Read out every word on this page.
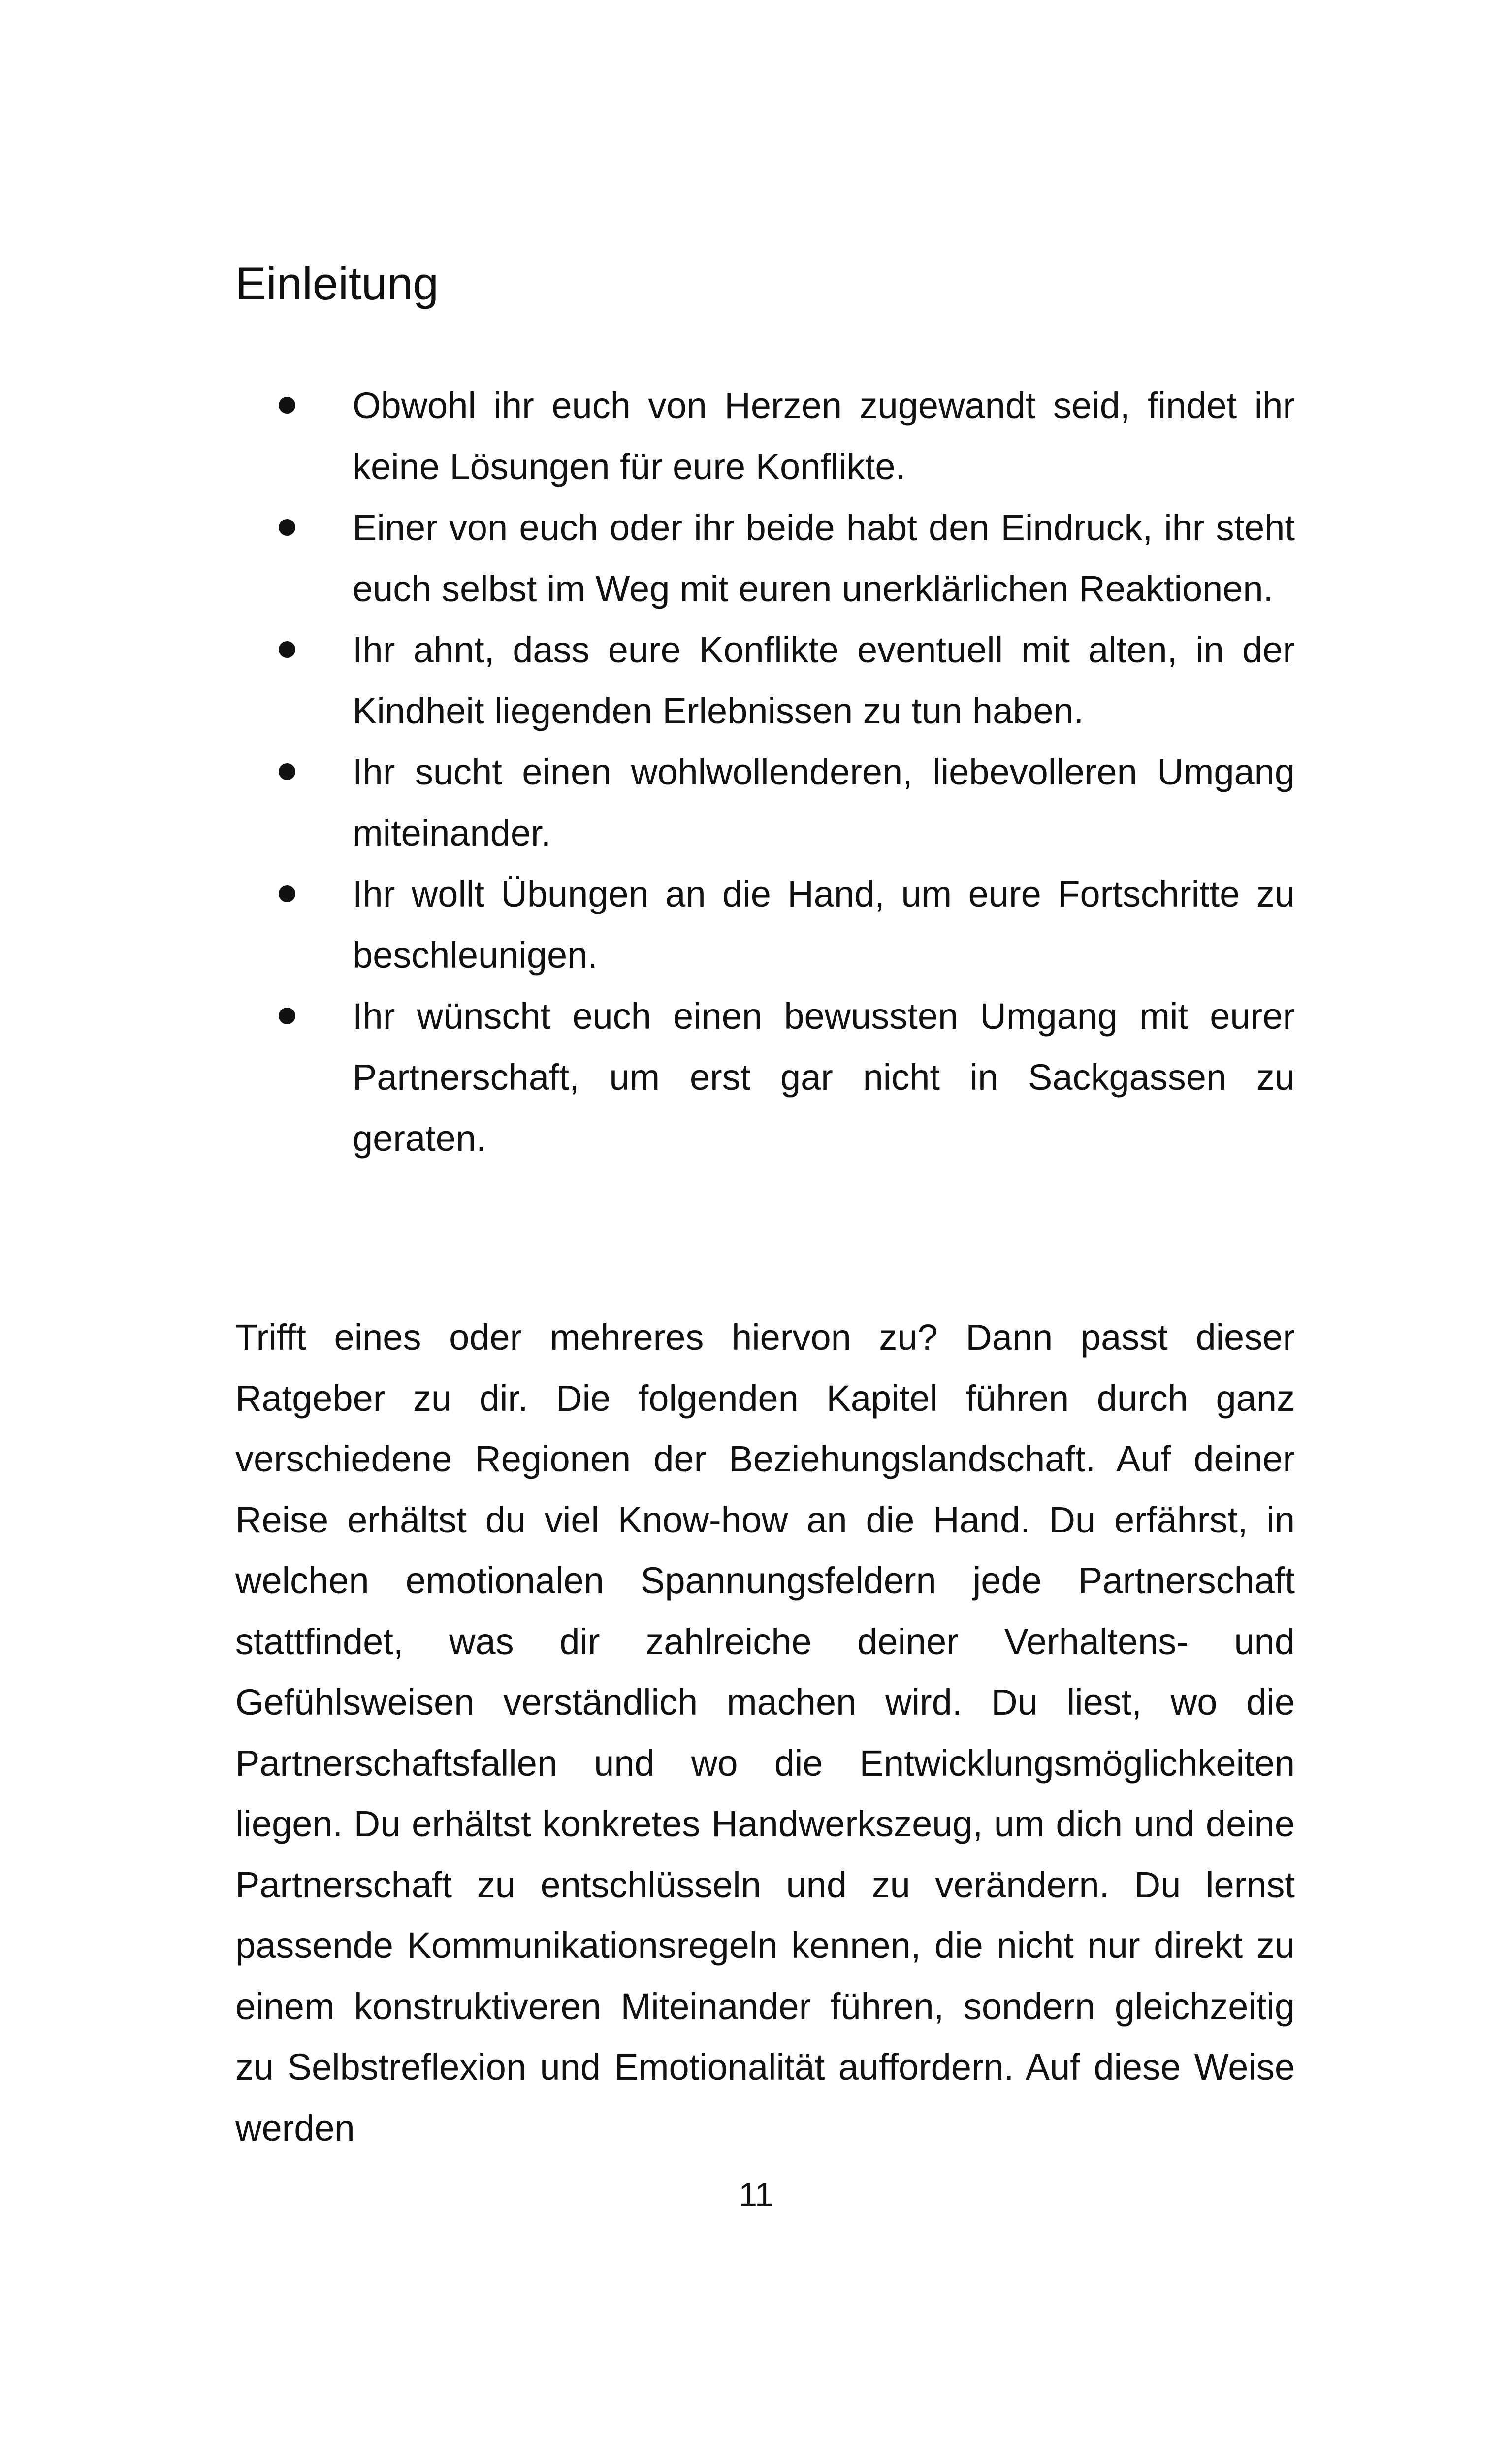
Einleitung
Obwohl ihr euch von Herzen zugewandt seid, findet ihr keine Lösungen für eure Konflikte.
Einer von euch oder ihr beide habt den Eindruck, ihr steht euch selbst im Weg mit euren unerklärlichen Reaktionen.
Ihr ahnt, dass eure Konflikte eventuell mit alten, in der Kindheit liegenden Erlebnissen zu tun haben.
Ihr sucht einen wohlwollenderen, liebevolleren Umgang miteinander.
Ihr wollt Übungen an die Hand, um eure Fortschritte zu beschleunigen.
Ihr wünscht euch einen bewussten Umgang mit eurer Partnerschaft, um erst gar nicht in Sackgassen zu geraten.

Trifft eines oder mehreres hiervon zu? Dann passt dieser Ratgeber zu dir. Die folgenden Kapitel führen durch ganz verschiedene Regionen der Beziehungslandschaft. Auf deiner Reise erhältst du viel Know-how an die Hand. Du erfährst, in welchen emotionalen Spannungsfeldern jede Partnerschaft stattfindet, was dir zahlreiche deiner Verhaltens- und Gefühlsweisen verständlich machen wird. Du liest, wo die Partnerschaftsfallen und wo die Entwicklungsmöglichkeiten liegen. Du erhältst konkretes Handwerkszeug, um dich und deine Partnerschaft zu entschlüsseln und zu verändern. Du lernst passende Kommunikationsregeln kennen, die nicht nur direkt zu einem konstruktiveren Miteinander führen, sondern gleichzeitig zu Selbstreflexion und Emotionalität auffordern. Auf diese Weise werden

11
